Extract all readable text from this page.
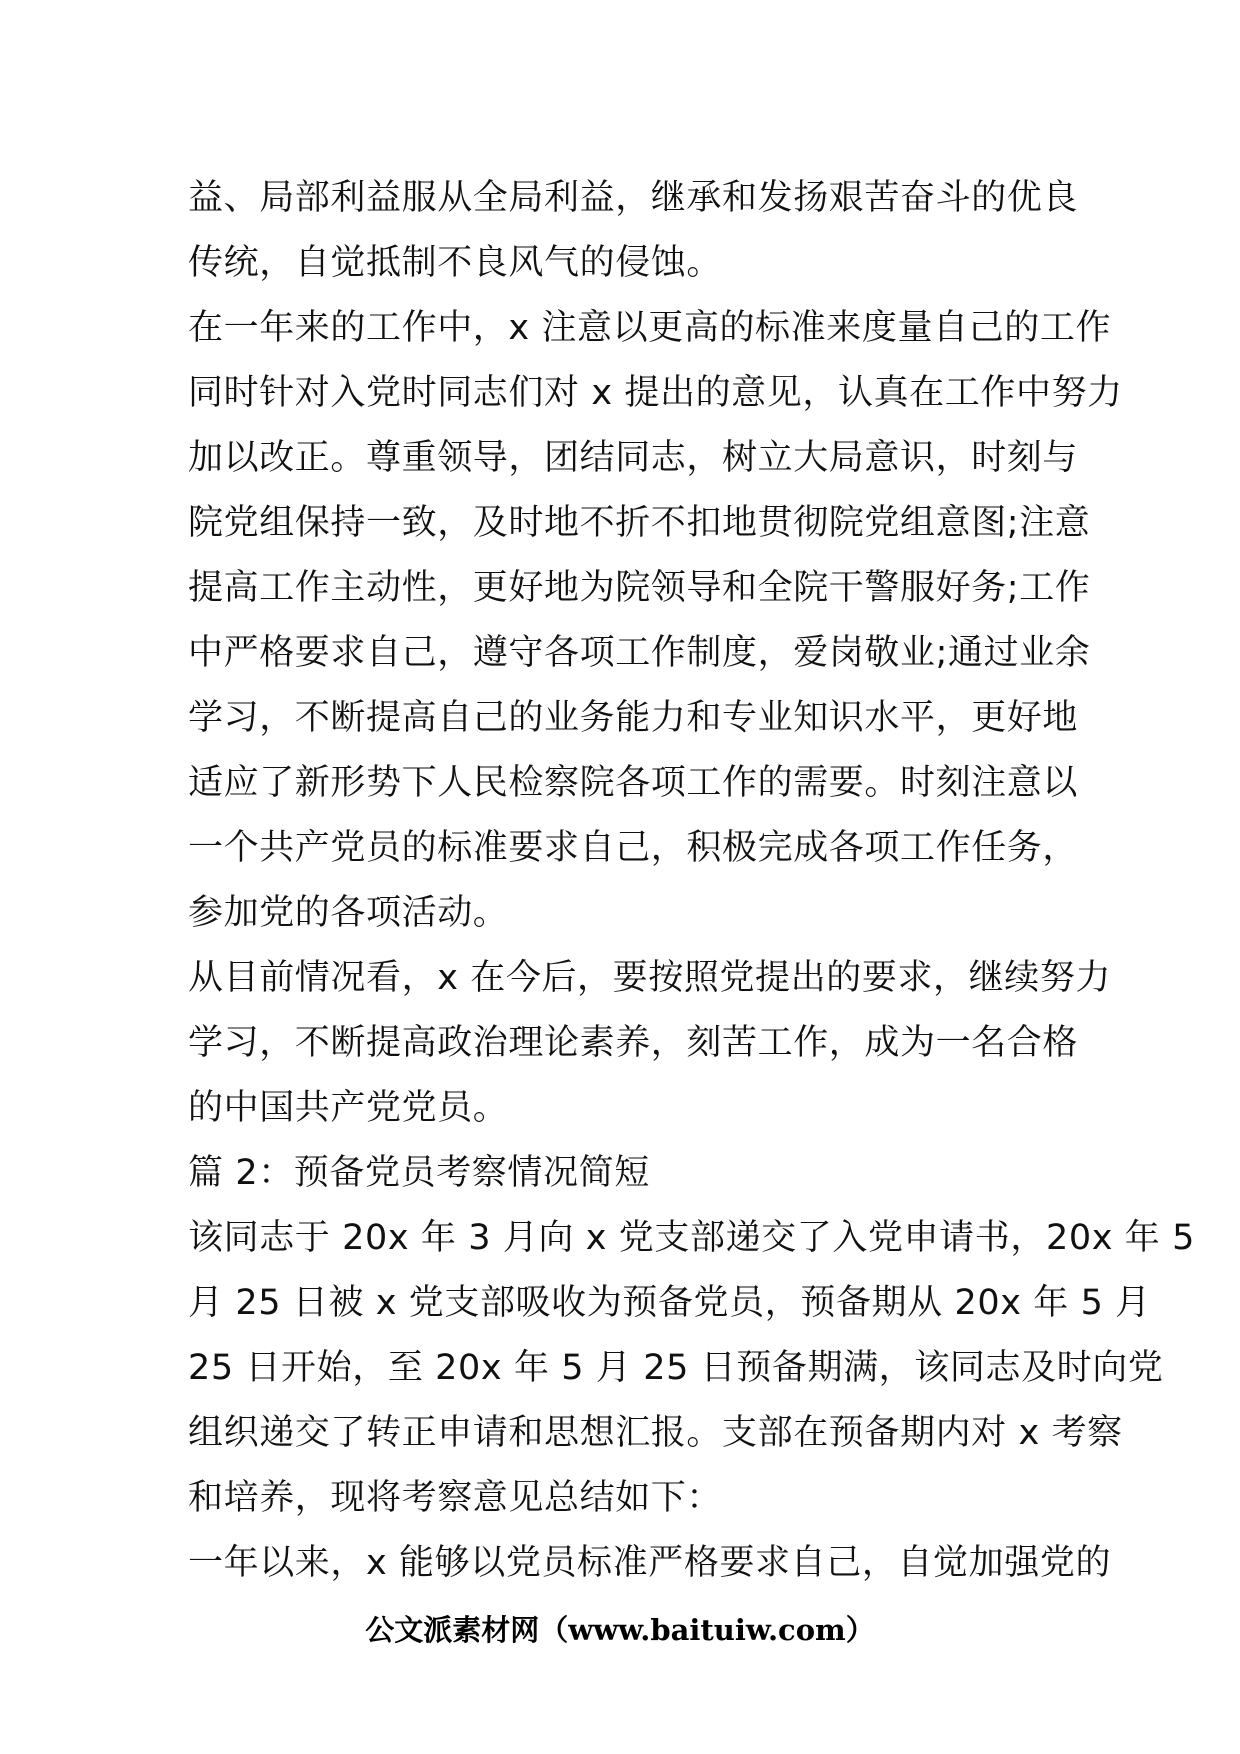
益、局部利益服从全局利益，继承和发扬艰苦奋斗的优良
传统，自觉抵制不良风气的侵蚀。
在一年来的工作中，x 注意以更高的标准来度量自己的工作
同时针对入党时同志们对 x 提出的意见，认真在工作中努力
加以改正。尊重领导，团结同志，树立大局意识，时刻与
院党组保持一致，及时地不折不扣地贯彻院党组意图;注意
提高工作主动性，更好地为院领导和全院干警服好务;工作
中严格要求自己，遵守各项工作制度，爱岗敬业;通过业余
学习，不断提高自己的业务能力和专业知识水平，更好地
适应了新形势下人民检察院各项工作的需要。时刻注意以
一个共产党员的标准要求自己，积极完成各项工作任务，
参加党的各项活动。
从目前情况看，x 在今后，要按照党提出的要求，继续努力
学习，不断提高政治理论素养，刻苦工作，成为一名合格
的中国共产党党员。
篇 2：预备党员考察情况简短
该同志于 20x 年 3 月向 x 党支部递交了入党申请书，20x 年 5
月 25 日被 x 党支部吸收为预备党员，预备期从 20x 年 5 月
25 日开始，至 20x 年 5 月 25 日预备期满，该同志及时向党
组织递交了转正申请和思想汇报。支部在预备期内对 x 考察
和培养，现将考察意见总结如下：
一年以来，x 能够以党员标准严格要求自己，自觉加强党的
公文派素材网（www.baituiw.com）
